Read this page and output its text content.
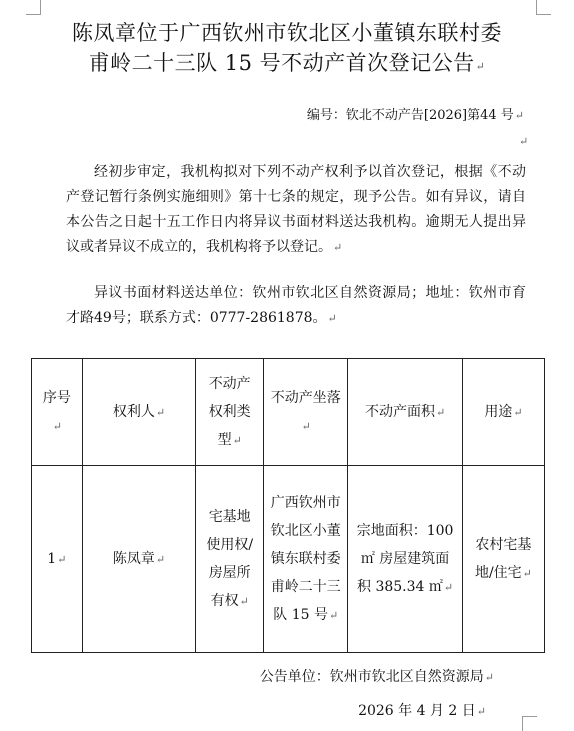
陈凤章位于广西钦州市钦北区小董镇东联村委
甫岭二十三队 15 号不动产首次登记公告↵
编号：钦北不动产告[2026]第44 号↵
↵
经初步审定，我机构拟对下列不动产权利予以首次登记，根据《不动产登记暂行条例实施细则》第十七条的规定，现予公告。如有异议，请自本公告之日起十五工作日内将异议书面材料送达我机构。逾期无人提出异议或者异议不成立的，我机构将予以登记。↵
异议书面材料送达单位：钦州市钦北区自然资源局；地址：钦州市育才路49号；联系方式：0777-2861878。↵
序号↵	权利人↵	不动产权利类型↵	不动产坐落↵	不动产面积↵	用途↵
1↵	陈凤章↵	宅基地使用权/房屋所有权↵	广西钦州市钦北区小董镇东联村委甫岭二十三队 15 号↵	宗地面积：100 ㎡ 房屋建筑面积 385.34 ㎡↵	农村宅基地/住宅↵
公告单位：钦州市钦北区自然资源局↵
2026 年 4 月 2 日↵
